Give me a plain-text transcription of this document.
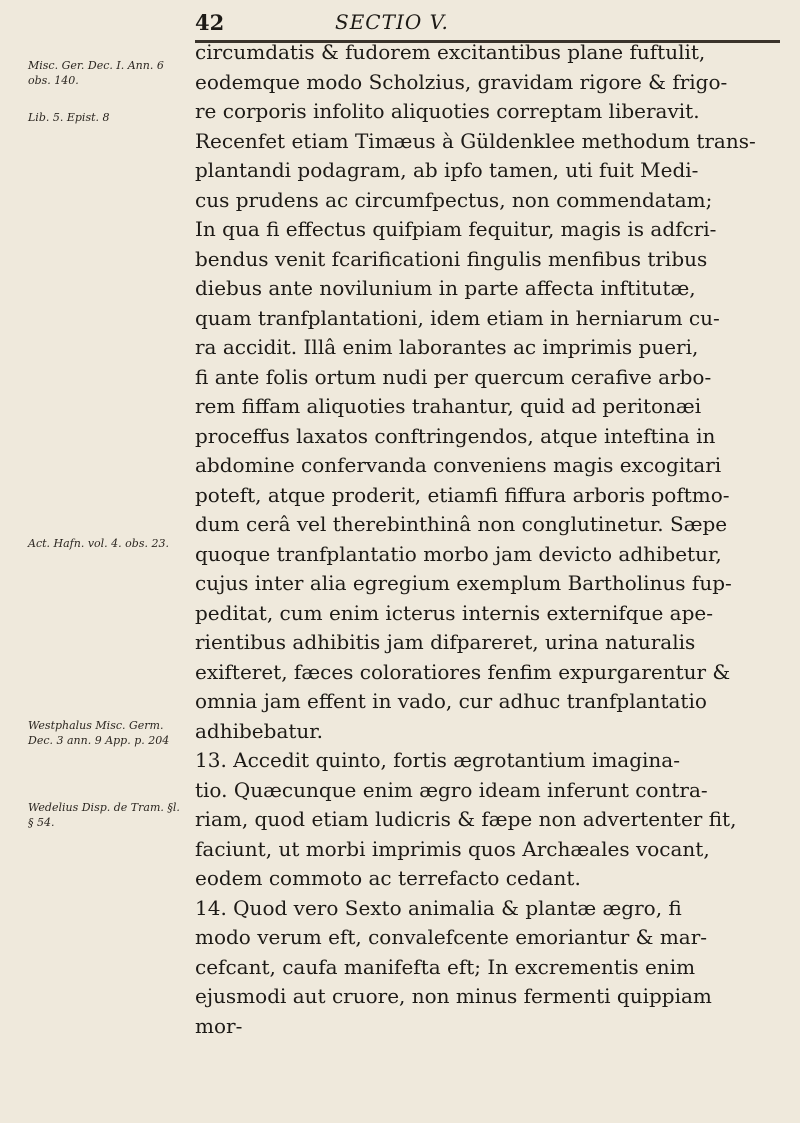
42	SECTIO V.
Misc. Ger. Dec. I. Ann. 6 obs. 140.
Lib. 5. Epist. 8
Act. Hafn. vol. 4. obs. 23.
Westphalus Misc. Germ. Dec. 3 ann. 9 App. p. 204
Wedelius Disp. de Tram. §l. § 54.
circumdatis & fudorem excitantibus plane fuftulit,
eodemque modo Scholzius, gravidam rigore & frigo-
re corporis infolito aliquoties correptam liberavit.
Recenfet etiam Timæus à Güldenklee methodum trans-
plantandi podagram, ab ipfo tamen, uti fuit Medi-
cus prudens ac circumfpectus, non commendatam;
In qua fi effectus quifpiam fequitur, magis is adfcri-
bendus venit fcarificationi fingulis menfibus tribus
diebus ante novilunium in parte affecta inftitutæ,
quam tranfplantationi, idem etiam in herniarum cu-
ra accidit. Illâ enim laborantes ac imprimis pueri,
fi ante folis ortum nudi per quercum cerafive arbo-
rem fiffam aliquoties trahantur, quid ad peritonæi
proceffus laxatos conftringendos, atque inteftina in
abdomine confervanda conveniens magis excogitari
poteft, atque proderit, etiamfi fiffura arboris poftmo-
dum cerâ vel therebinthinâ non conglutinetur. Sæpe
quoque tranfplantatio morbo jam devicto adhibetur,
cujus inter alia egregium exemplum Bartholinus fup-
peditat, cum enim icterus internis externifque ape-
rientibus adhibitis jam difpareret, urina naturalis
exifteret, fæces coloratiores fenfim expurgarentur &
omnia jam effent in vado, cur adhuc tranfplantatio
adhibebatur.
13. Accedit quinto, fortis ægrotantium imagina-
tio. Quæcunque enim ægro ideam inferunt contra-
riam, quod etiam ludicris & fæpe non advertenter fit,
faciunt, ut morbi imprimis quos Archæales vocant,
eodem commoto ac terrefacto cedant.
14. Quod vero Sexto animalia & plantæ ægro, fi
modo verum eft, convalefcente emoriantur & mar-
cefcant, caufa manifefta eft; In excrementis enim
ejusmodi aut cruore, non minus fermenti quippiam
mor-
